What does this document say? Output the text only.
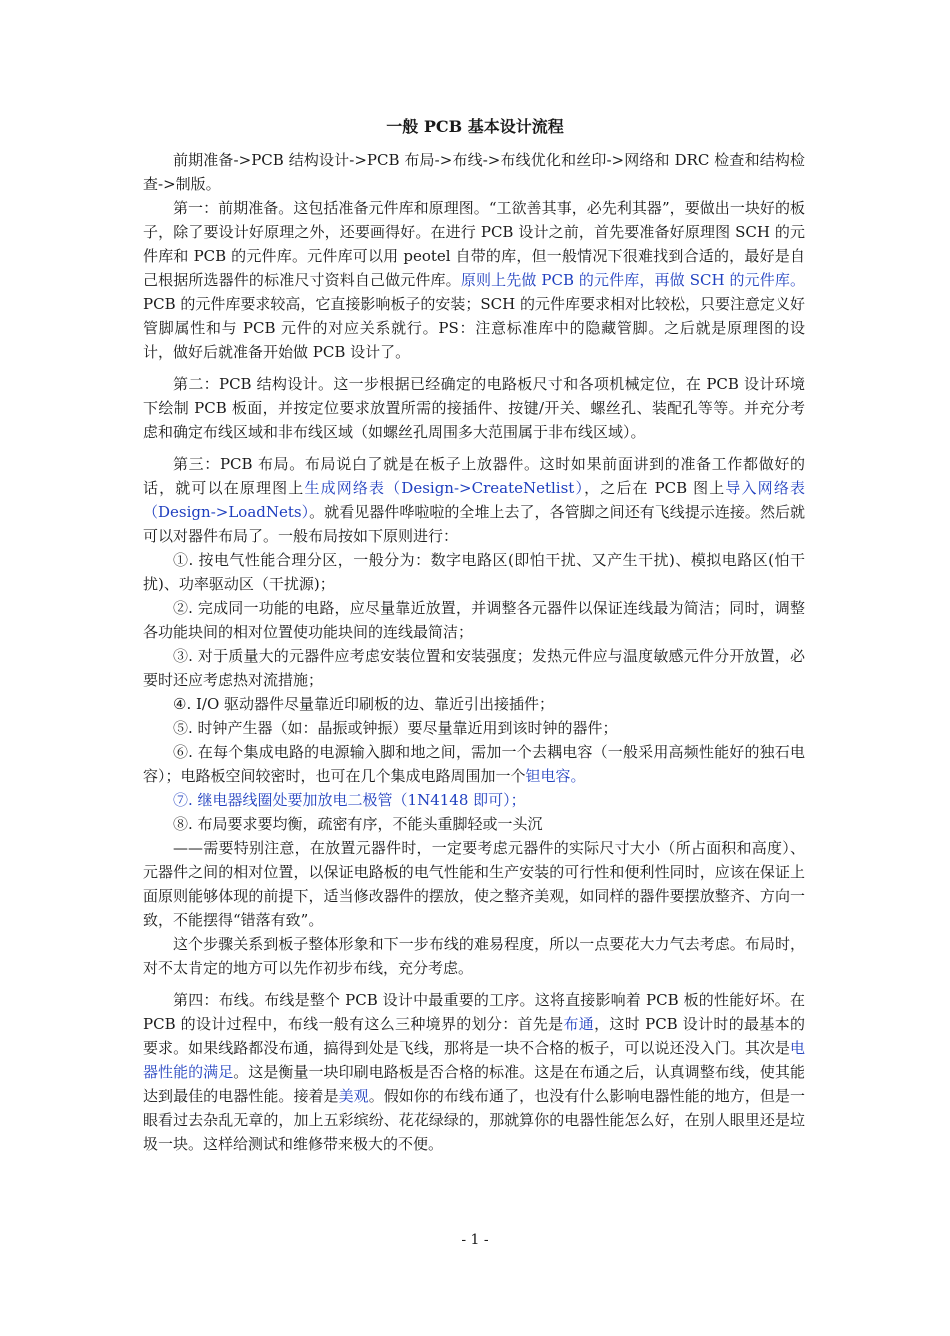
一般 PCB 基本设计流程

前期准备->PCB 结构设计->PCB 布局->布线->布线优化和丝印->网络和 DRC 检查和结构检查->制版。

第一：前期准备。这包括准备元件库和原理图。“工欲善其事，必先利其器”，要做出一块好的板子，除了要设计好原理之外，还要画得好。在进行 PCB 设计之前，首先要准备好原理图 SCH 的元件库和 PCB 的元件库。元件库可以用 peotel 自带的库，但一般情况下很难找到合适的，最好是自己根据所选器件的标准尺寸资料自己做元件库。原则上先做 PCB 的元件库，再做 SCH 的元件库。PCB 的元件库要求较高，它直接影响板子的安装；SCH 的元件库要求相对比较松，只要注意定义好管脚属性和与 PCB 元件的对应关系就行。PS：注意标准库中的隐藏管脚。之后就是原理图的设计，做好后就准备开始做 PCB 设计了。

第二：PCB 结构设计。这一步根据已经确定的电路板尺寸和各项机械定位，在 PCB 设计环境下绘制 PCB 板面，并按定位要求放置所需的接插件、按键/开关、螺丝孔、装配孔等等。并充分考虑和确定布线区域和非布线区域（如螺丝孔周围多大范围属于非布线区域）。

第三：PCB 布局。布局说白了就是在板子上放器件。这时如果前面讲到的准备工作都做好的话，就可以在原理图上生成网络表（Design->CreateNetlist），之后在 PCB 图上导入网络表（Design->LoadNets）。就看见器件哗啦啦的全堆上去了，各管脚之间还有飞线提示连接。然后就可以对器件布局了。一般布局按如下原则进行：

①. 按电气性能合理分区，一般分为：数字电路区(即怕干扰、又产生干扰)、模拟电路区(怕干扰)、功率驱动区（干扰源)；

②. 完成同一功能的电路，应尽量靠近放置，并调整各元器件以保证连线最为简洁；同时，调整各功能块间的相对位置使功能块间的连线最简洁；

③. 对于质量大的元器件应考虑安装位置和安装强度；发热元件应与温度敏感元件分开放置，必要时还应考虑热对流措施；

④. I/O 驱动器件尽量靠近印刷板的边、靠近引出接插件；

⑤. 时钟产生器（如：晶振或钟振）要尽量靠近用到该时钟的器件；

⑥. 在每个集成电路的电源输入脚和地之间，需加一个去耦电容（一般采用高频性能好的独石电容）；电路板空间较密时，也可在几个集成电路周围加一个钽电容。

⑦. 继电器线圈处要加放电二极管（1N4148 即可）；

⑧. 布局要求要均衡，疏密有序，不能头重脚轻或一头沉

——需要特别注意，在放置元器件时，一定要考虑元器件的实际尺寸大小（所占面积和高度）、元器件之间的相对位置，以保证电路板的电气性能和生产安装的可行性和便利性同时，应该在保证上面原则能够体现的前提下，适当修改器件的摆放，使之整齐美观，如同样的器件要摆放整齐、方向一致，不能摆得“错落有致”。

这个步骤关系到板子整体形象和下一步布线的难易程度，所以一点要花大力气去考虑。布局时，对不太肯定的地方可以先作初步布线，充分考虑。

第四：布线。布线是整个 PCB 设计中最重要的工序。这将直接影响着 PCB 板的性能好坏。在 PCB 的设计过程中，布线一般有这么三种境界的划分：首先是布通，这时 PCB 设计时的最基本的要求。如果线路都没布通，搞得到处是飞线，那将是一块不合格的板子，可以说还没入门。其次是电器性能的满足。这是衡量一块印刷电路板是否合格的标准。这是在布通之后，认真调整布线，使其能达到最佳的电器性能。接着是美观。假如你的布线布通了，也没有什么影响电器性能的地方，但是一眼看过去杂乱无章的，加上五彩缤纷、花花绿绿的，那就算你的电器性能怎么好，在别人眼里还是垃圾一块。这样给测试和维修带来极大的不便。

- 1 -
